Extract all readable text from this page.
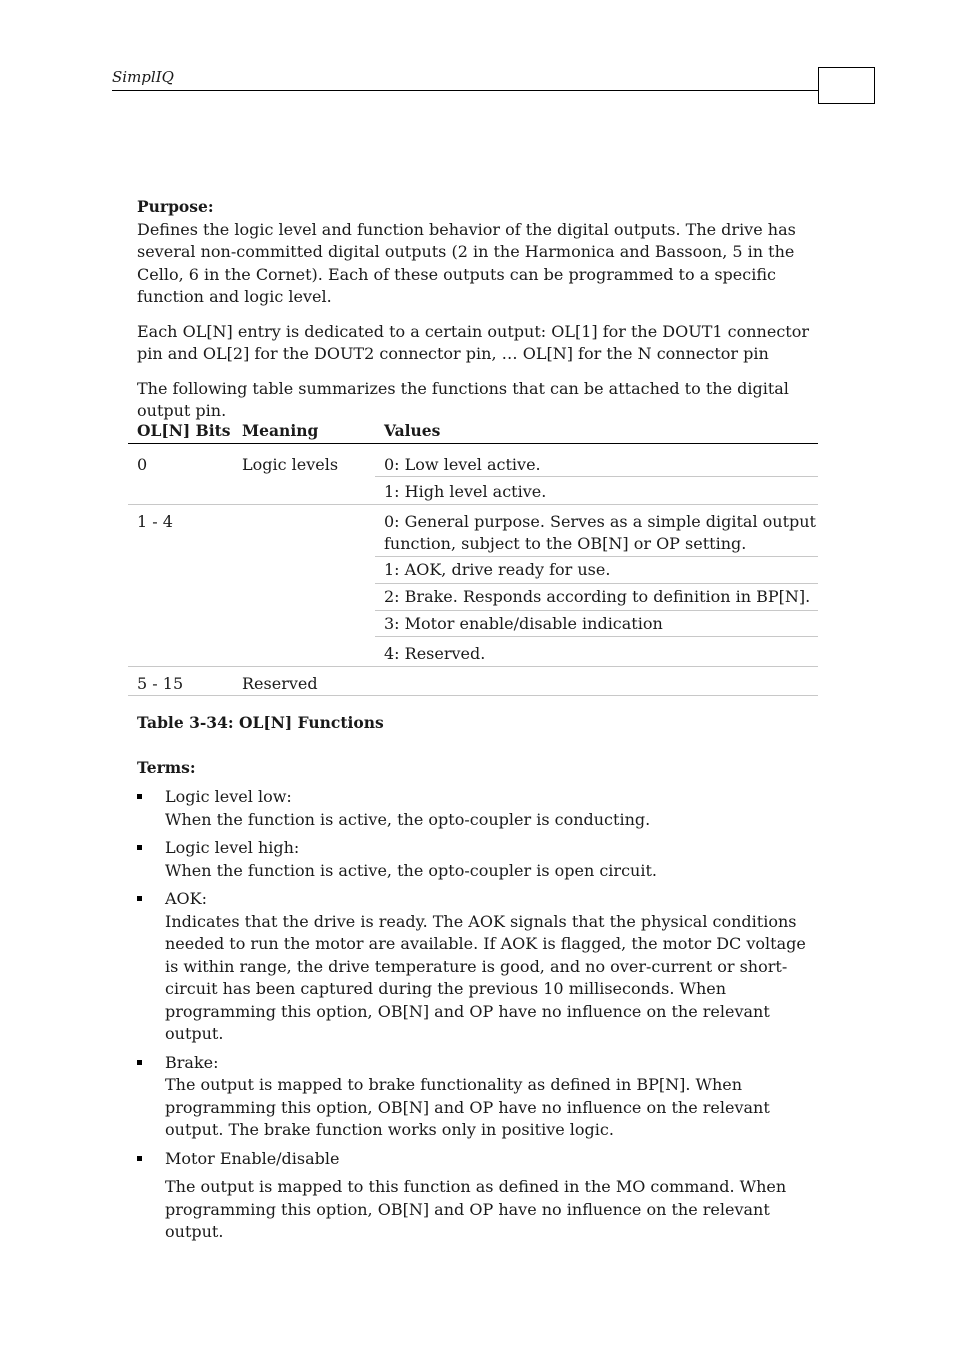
SimplIQ

Purpose:

Defines the logic level and function behavior of the digital outputs. The drive has several non-committed digital outputs (2 in the Harmonica and Bassoon, 5 in the Cello, 6 in the Cornet). Each of these outputs can be programmed to a specific function and logic level.

Each OL[N] entry is dedicated to a certain output: OL[1] for the DOUT1 connector pin and OL[2] for the DOUT2 connector pin, … OL[N] for the N connector pin

The following table summarizes the functions that can be attached to the digital output pin.

OL[N] Bits	Meaning	Values
0	Logic levels	0: Low level active.
		1: High level active.
1 - 4		0: General purpose. Serves as a simple digital output function, subject to the OB[N] or OP setting.
		1: AOK, drive ready for use.
		2: Brake. Responds according to definition in BP[N].
		3: Motor enable/disable indication
		4: Reserved.
5 - 15	Reserved	
Table 3-34: OL[N] Functions
Terms:
Logic level low:
When the function is active, the opto-coupler is conducting.
Logic level high:
When the function is active, the opto-coupler is open circuit.
AOK:
Indicates that the drive is ready. The AOK signals that the physical conditions needed to run the motor are available. If AOK is flagged, the motor DC voltage is within range, the drive temperature is good, and no over-current or short-circuit has been captured during the previous 10 milliseconds. When programming this option, OB[N] and OP have no influence on the relevant output.
Brake:
The output is mapped to brake functionality as defined in BP[N]. When programming this option, OB[N] and OP have no influence on the relevant output. The brake function works only in positive logic.
Motor Enable/disable
The output is mapped to this function as defined in the MO command. When programming this option, OB[N] and OP have no influence on the relevant output.
